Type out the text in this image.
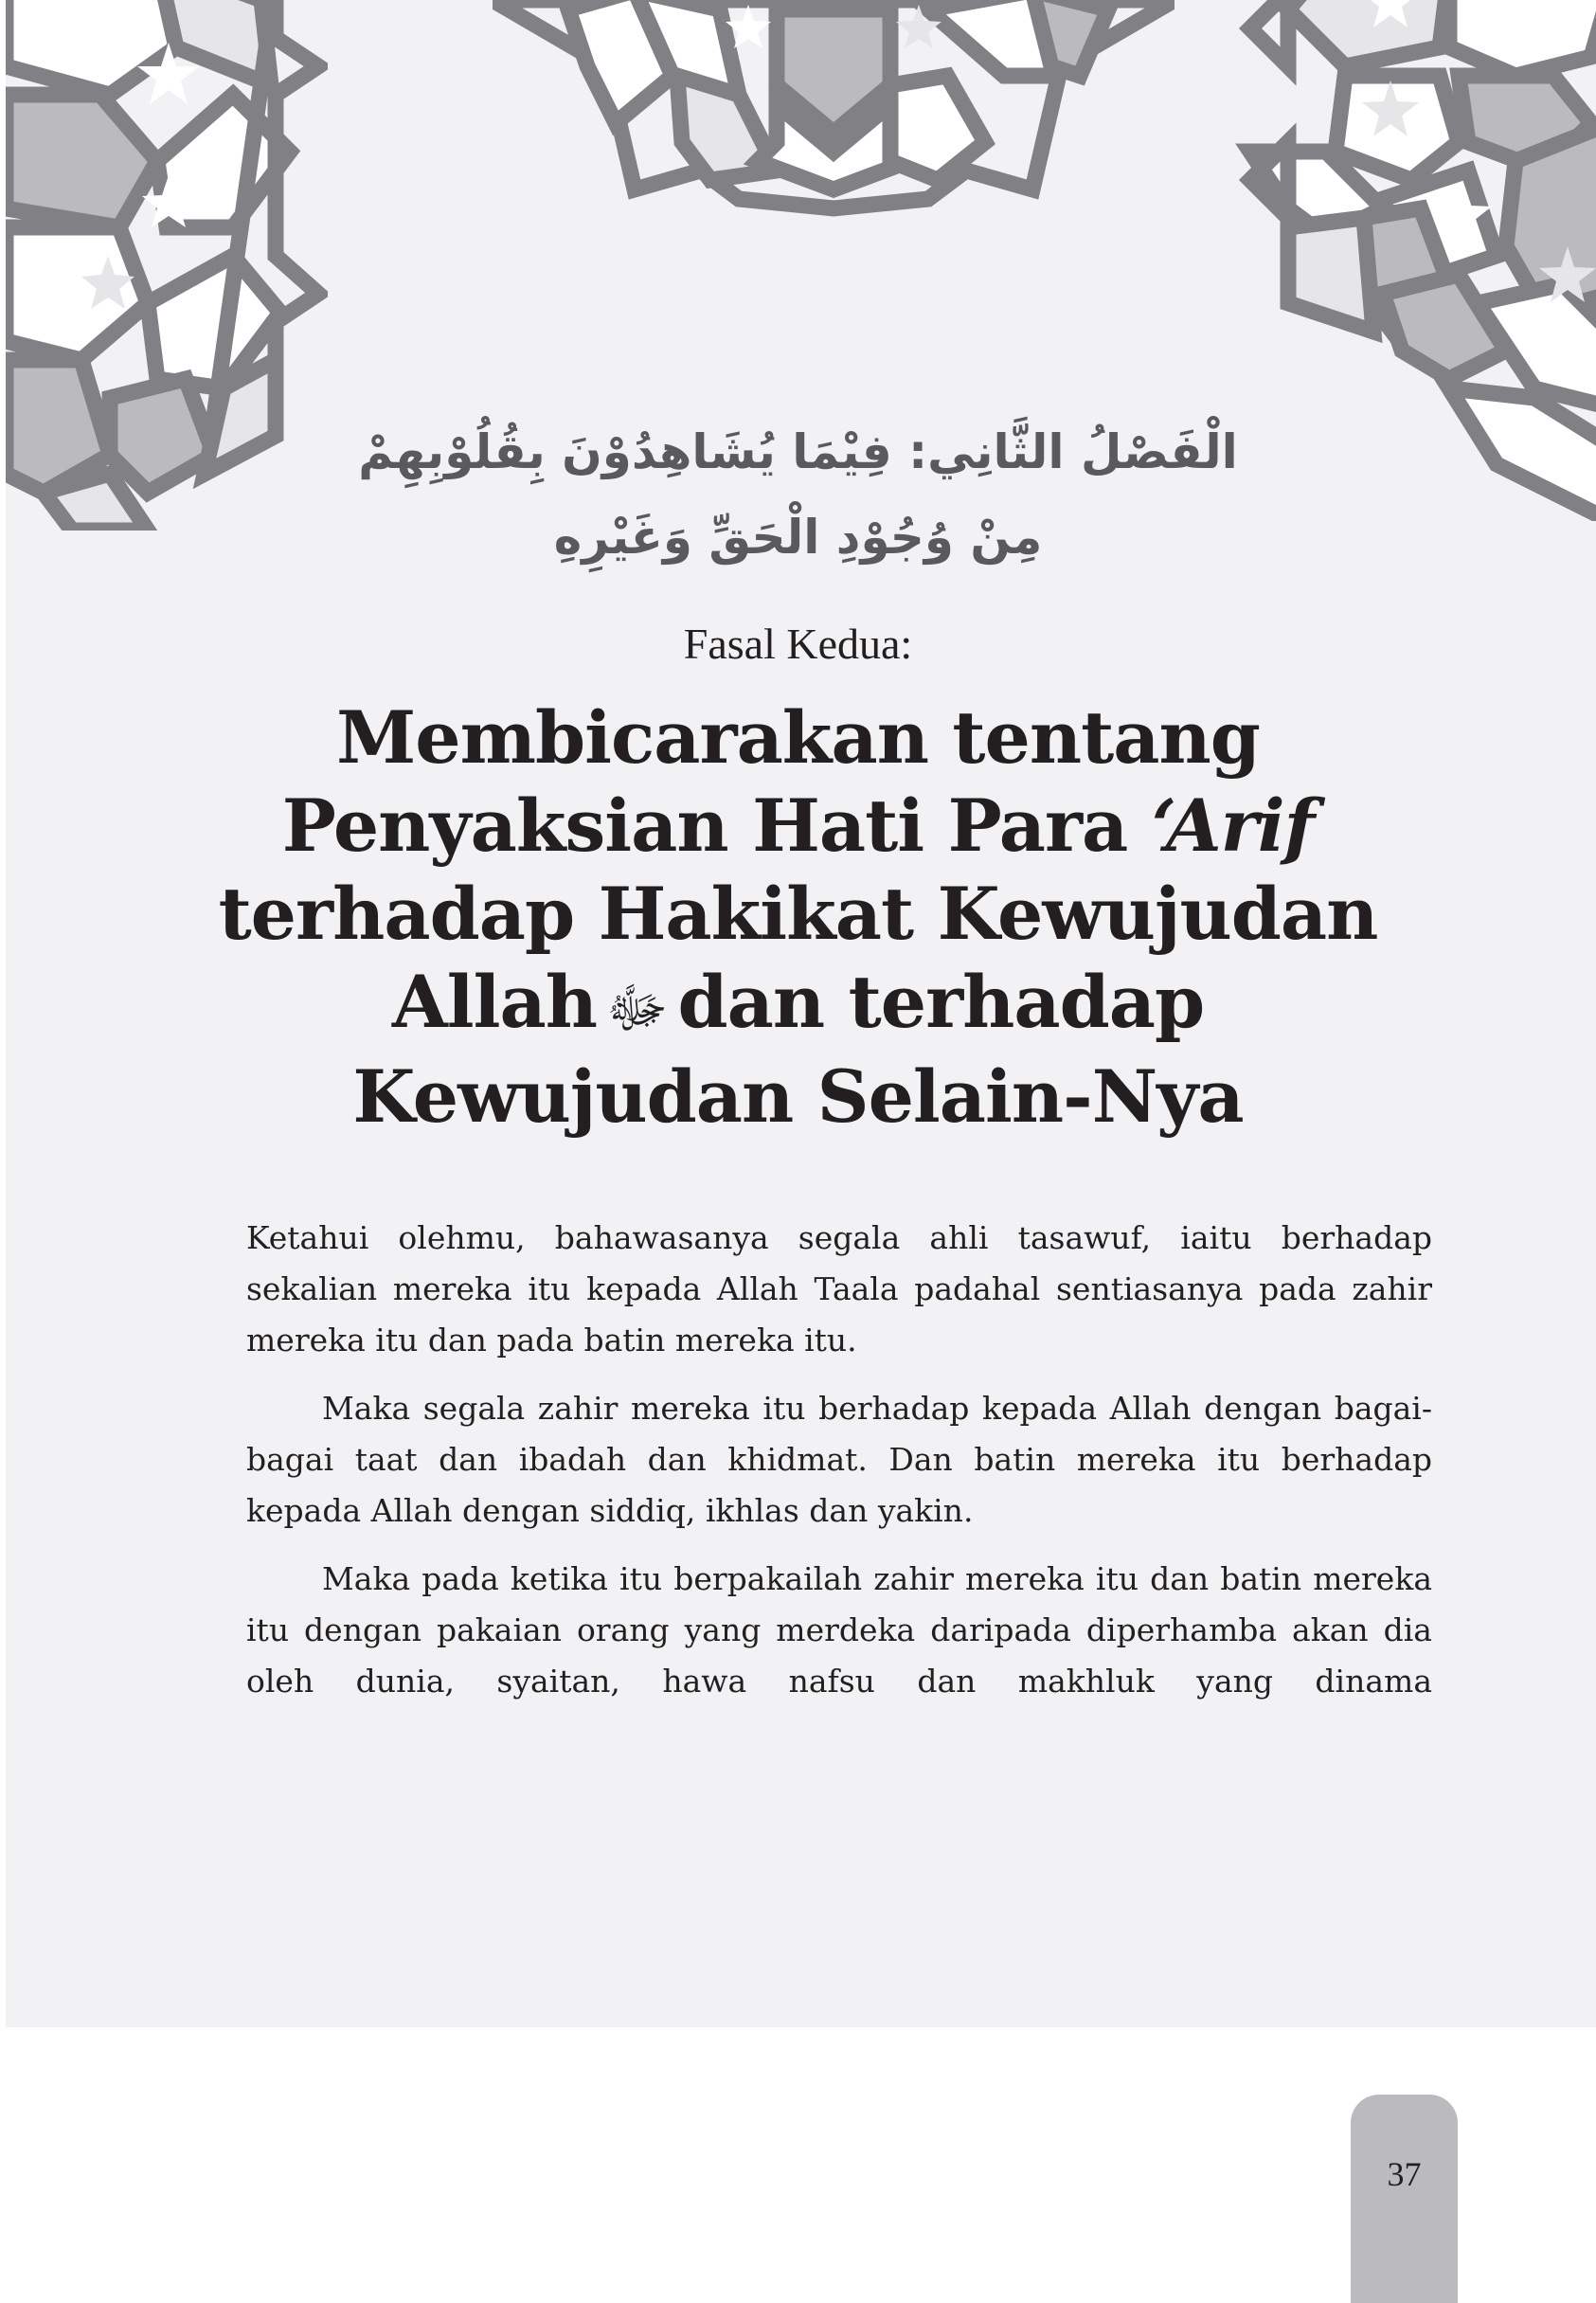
الْفَصْلُ الثَّانِي: فِيْمَا يُشَاهِدُوْنَ بِقُلُوْبِهِمْ
مِنْ وُجُوْدِ الْحَقِّ وَغَيْرِهِ
Fasal Kedua:
Membicarakan tentang
Penyaksian Hati Para ‘Arif
terhadap Hakikat Kewujudan
Allah ﷻ dan terhadap
Kewujudan Selain-Nya

Ketahui olehmu, bahawasanya segala ahli tasawuf, iaitu berhadap sekalian mereka itu kepada Allah Taala padahal sentiasanya pada zahir mereka itu dan pada batin mereka itu.

Maka segala zahir mereka itu berhadap kepada Allah dengan bagai-bagai taat dan ibadah dan khidmat. Dan batin mereka itu berhadap kepada Allah dengan siddiq, ikhlas dan yakin.

Maka pada ketika itu berpakailah zahir mereka itu dan batin mereka itu dengan pakaian orang yang merdeka daripada diperhamba akan dia oleh dunia, syaitan, hawa nafsu dan makhluk yang dinama

37
